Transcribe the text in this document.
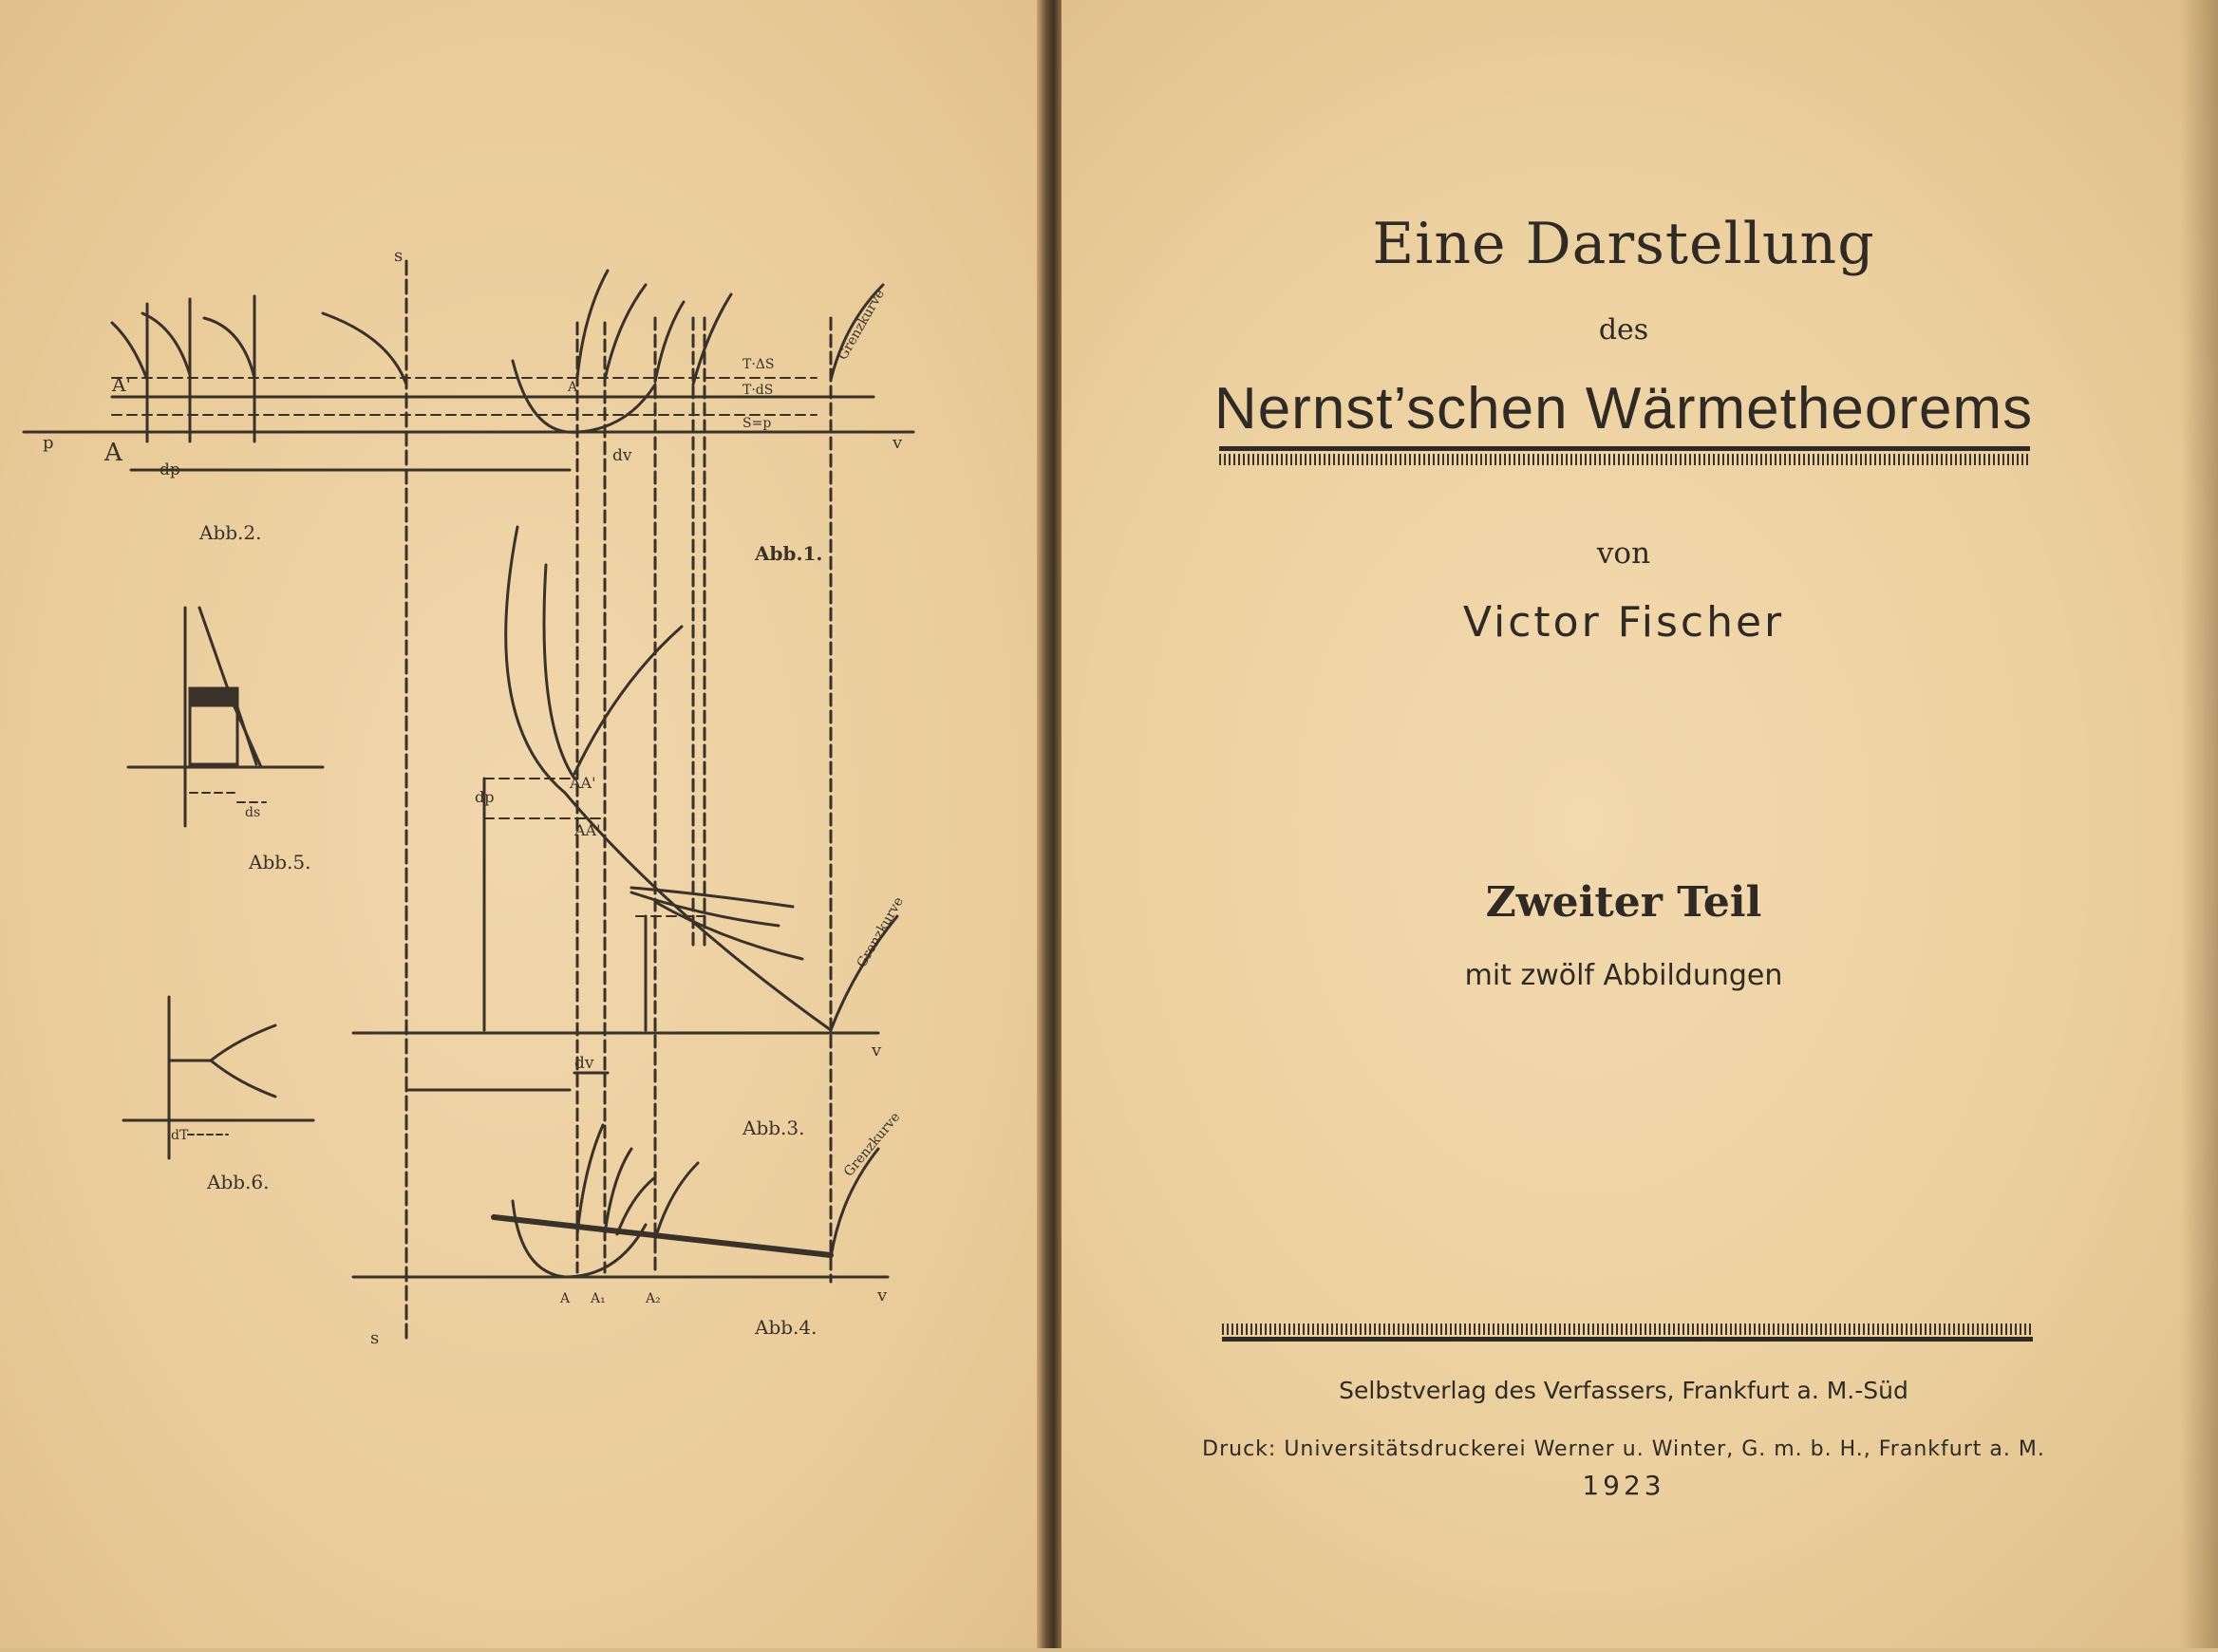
Abb.2.
Abb.1.
Abb.5.
Abb.6.
Abb.3.
Abb.4.
p	v
v
v
s
s
dp
dv
dv
dp
ds
dT
A
A'	A
AA'
AA'
A A₁	A₂
T·ΔS
T·dS
S=p
Grenzkurve
Grenzkurve
Grenzkurve

Eine Darstellung

des

Nernst’schen Wärmetheorems

von

Victor Fischer

Zweiter Teil

mit zwölf Abbildungen

Selbstverlag des Verfassers, Frankfurt a. M.-Süd

Druck: Universitätsdruckerei Werner u. Winter, G. m. b. H., Frankfurt a. M.

1923
